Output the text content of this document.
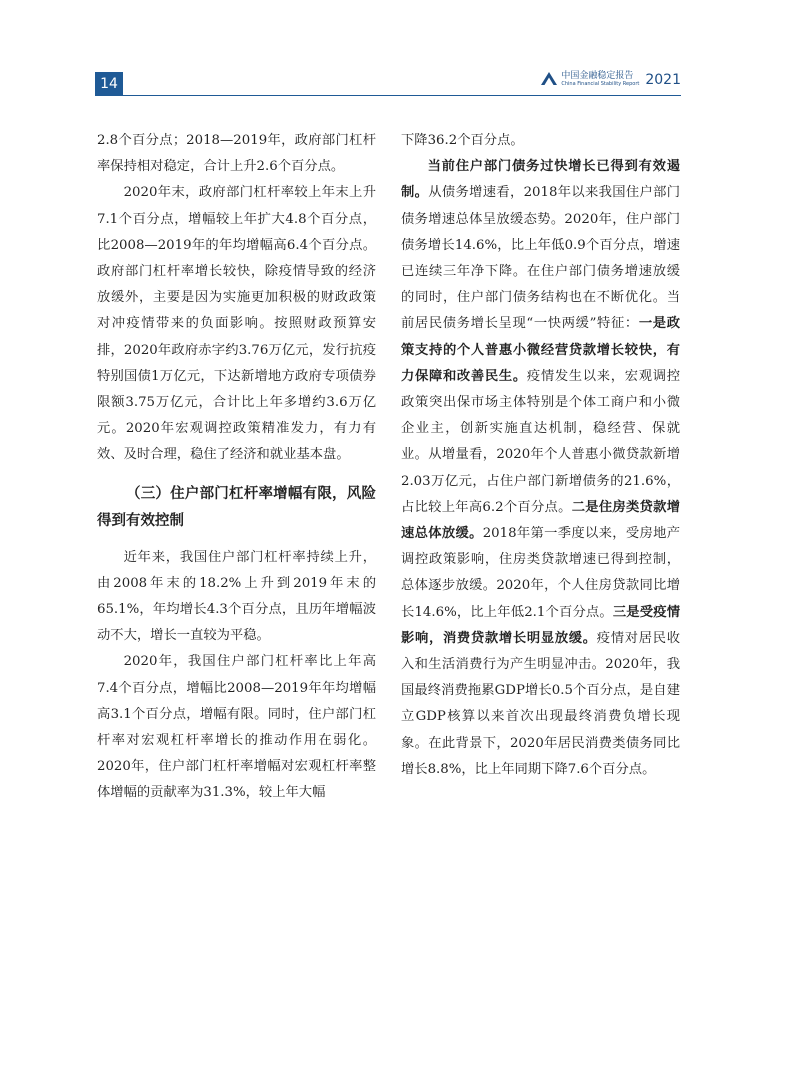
14
中国金融稳定报告
China Financial Stability Report 2021

2.8个百分点；2018—2019年，政府部门杠杆率保持相对稳定，合计上升2.6个百分点。

2020年末，政府部门杠杆率较上年末上升7.1个百分点，增幅较上年扩大4.8个百分点，比2008—2019年的年均增幅高6.4个百分点。政府部门杠杆率增长较快，除疫情导致的经济放缓外，主要是因为实施更加积极的财政政策对冲疫情带来的负面影响。按照财政预算安排，2020年政府赤字约3.76万亿元，发行抗疫特别国债1万亿元，下达新增地方政府专项债券限额3.75万亿元，合计比上年多增约3.6万亿元。2020年宏观调控政策精准发力，有力有效、及时合理，稳住了经济和就业基本盘。

（三）住户部门杠杆率增幅有限，风险得到有效控制

近年来，我国住户部门杠杆率持续上升，由2008年末的18.2%上升到2019年末的65.1%，年均增长4.3个百分点，且历年增幅波动不大，增长一直较为平稳。

2020年，我国住户部门杠杆率比上年高7.4个百分点，增幅比2008—2019年年均增幅高3.1个百分点，增幅有限。同时，住户部门杠杆率对宏观杠杆率增长的推动作用在弱化。2020年，住户部门杠杆率增幅对宏观杠杆率整体增幅的贡献率为31.3%，较上年大幅

下降36.2个百分点。

当前住户部门债务过快增长已得到有效遏制。从债务增速看，2018年以来我国住户部门债务增速总体呈放缓态势。2020年，住户部门债务增长14.6%，比上年低0.9个百分点，增速已连续三年净下降。在住户部门债务增速放缓的同时，住户部门债务结构也在不断优化。当前居民债务增长呈现“一快两缓”特征：一是政策支持的个人普惠小微经营贷款增长较快，有力保障和改善民生。疫情发生以来，宏观调控政策突出保市场主体特别是个体工商户和小微企业主，创新实施直达机制，稳经营、保就业。从增量看，2020年个人普惠小微贷款新增2.03万亿元，占住户部门新增债务的21.6%，占比较上年高6.2个百分点。二是住房类贷款增速总体放缓。2018年第一季度以来，受房地产调控政策影响，住房类贷款增速已得到控制，总体逐步放缓。2020年，个人住房贷款同比增长14.6%，比上年低2.1个百分点。三是受疫情影响，消费贷款增长明显放缓。疫情对居民收入和生活消费行为产生明显冲击。2020年，我国最终消费拖累GDP增长0.5个百分点，是自建立GDP核算以来首次出现最终消费负增长现象。在此背景下，2020年居民消费类债务同比增长8.8%，比上年同期下降7.6个百分点。
